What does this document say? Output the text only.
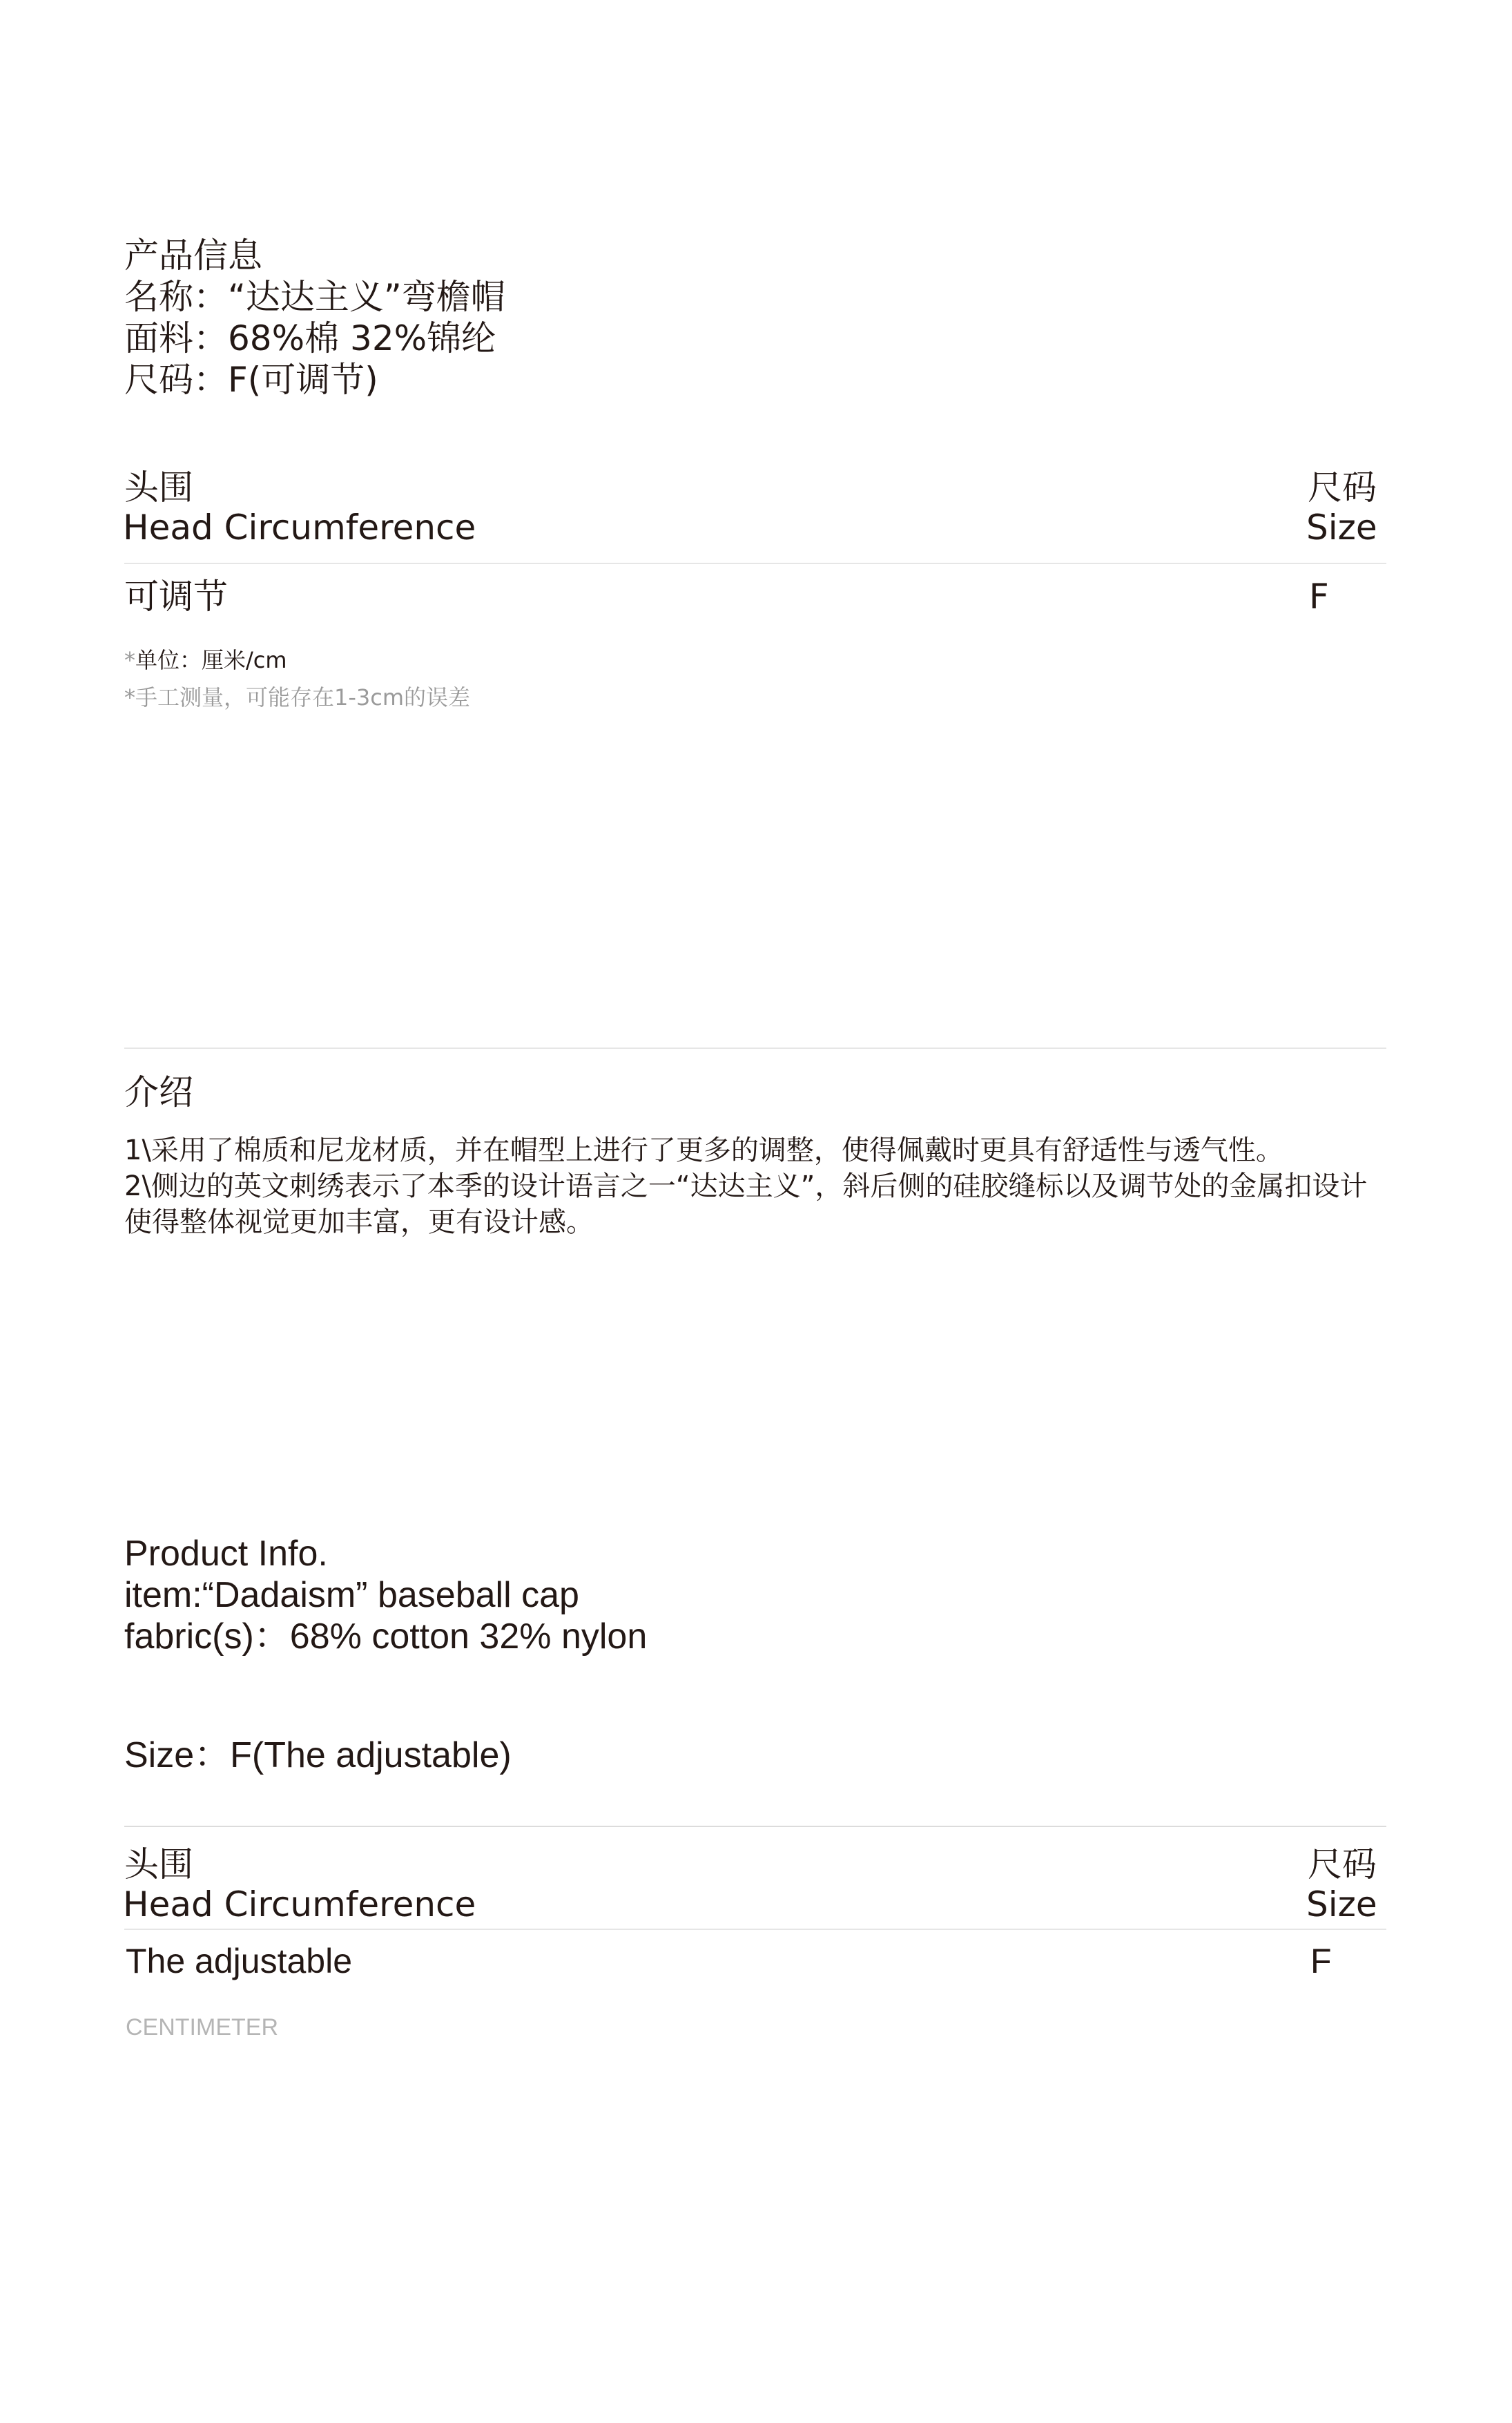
产品信息
名称：“达达主义”弯檐帽
面料：68%棉 32%锦纶
尺码：F(可调节)
头围
Head Circumference
尺码
Size
可调节	F
*单位：厘米/cm
*手工测量，可能存在1-3cm的误差
介绍
1\采用了棉质和尼龙材质，并在帽型上进行了更多的调整，使得佩戴时更具有舒适性与透气性。
2\侧边的英文刺绣表示了本季的设计语言之一“达达主义”，斜后侧的硅胶缝标以及调节处的金属扣设计使得整体视觉更加丰富，更有设计感。
Product Info.
item:“Dadaism” baseball cap
fabric(s)：68% cotton 32% nylon
Size：F(The adjustable)
头围
Head Circumference
尺码
Size
The adjustable	F
CENTIMETER
